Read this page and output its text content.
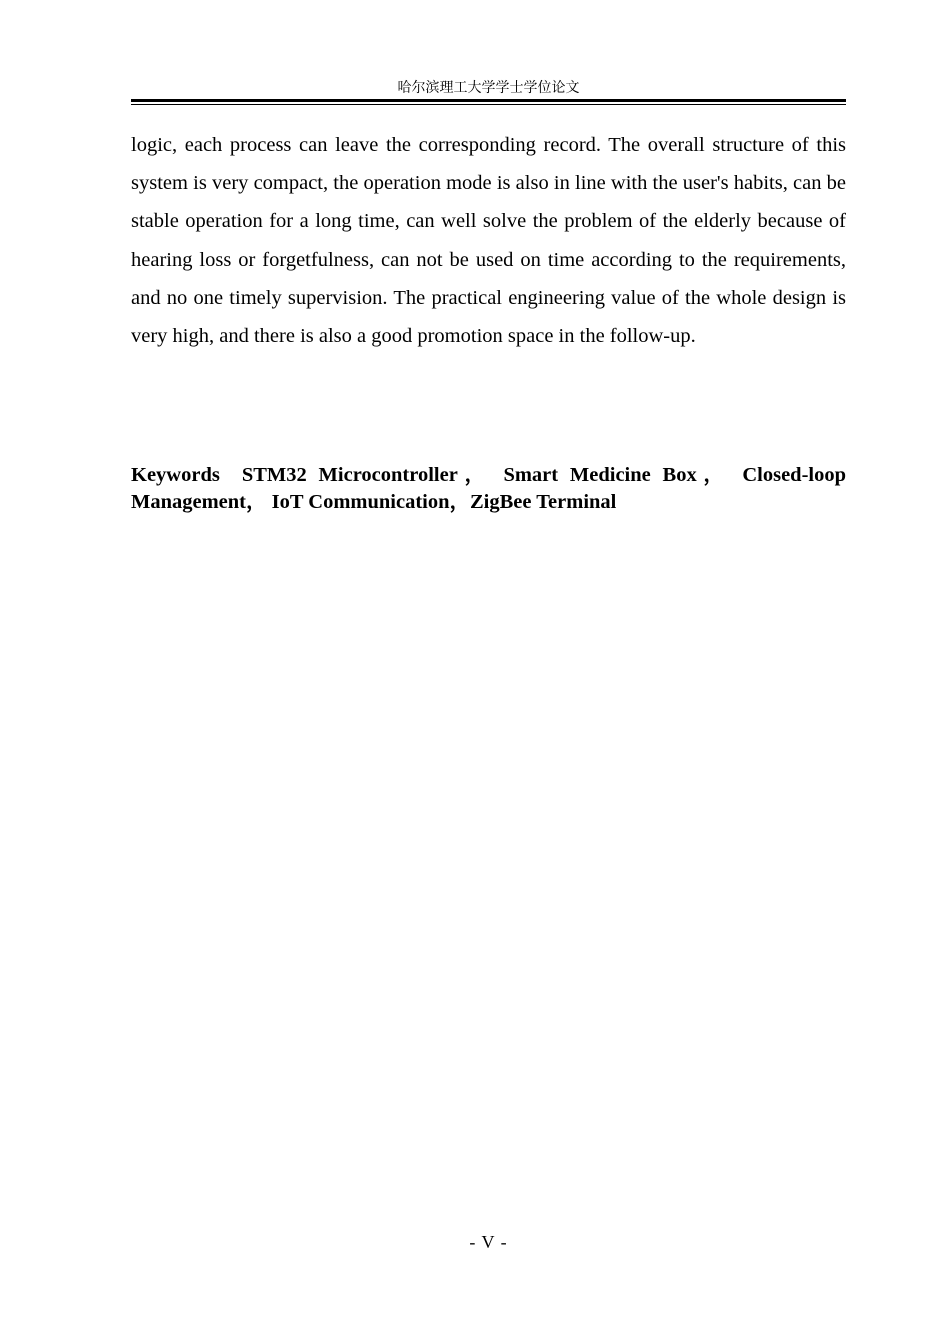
哈尔滨理工大学学士学位论文

logic, each process can leave the corresponding record. The overall structure of this system is very compact, the operation mode is also in line with the user's habits, can be stable operation for a long time, can well solve the problem of the elderly because of hearing loss or forgetfulness, can not be used on time according to the requirements, and no one timely supervision. The practical engineering value of the whole design is very high, and there is also a good promotion space in the follow-up.

Keywords STM32 Microcontroller， Smart Medicine Box， Closed-loop Management， IoT Communication，ZigBee Terminal

- V -
